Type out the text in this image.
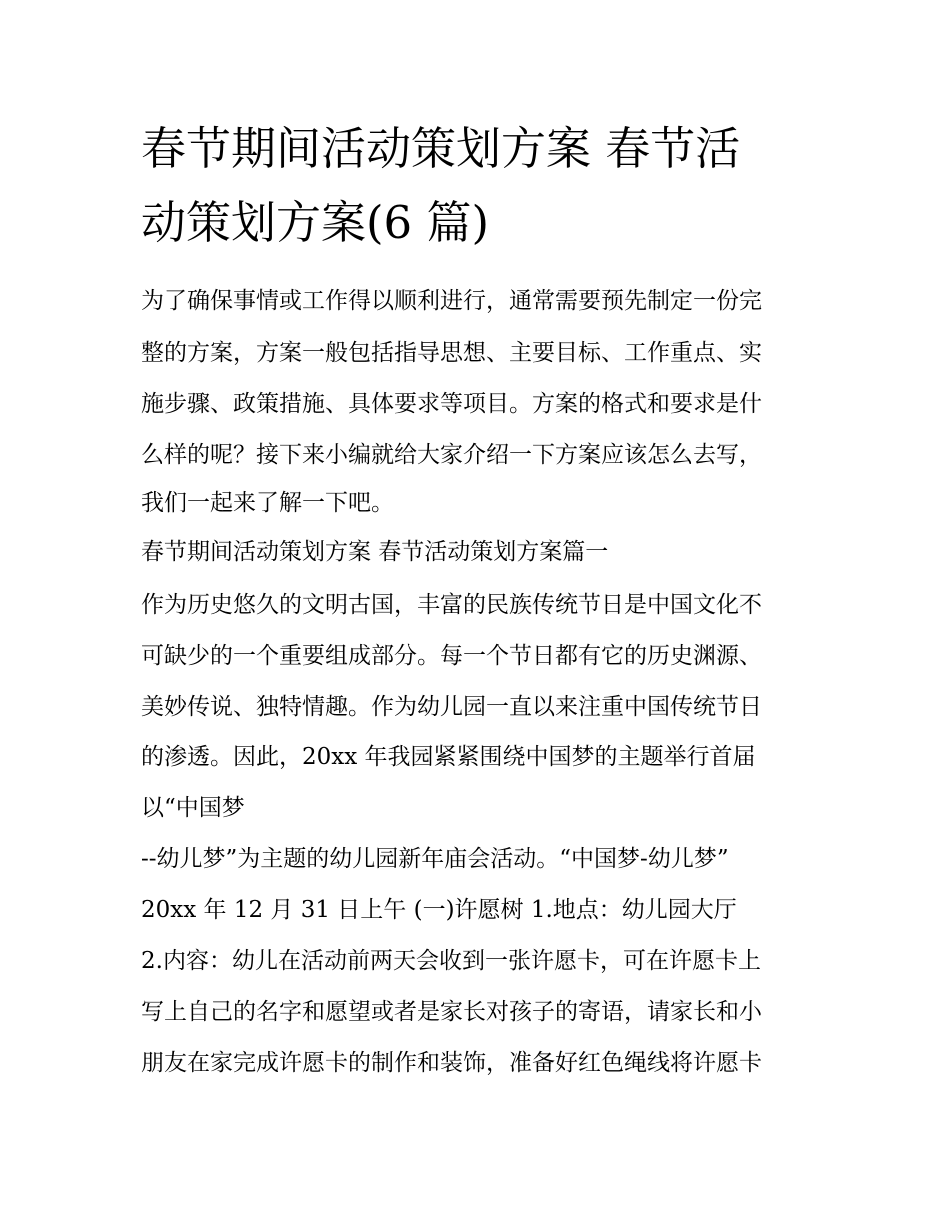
春节期间活动策划方案 春节活
动策划方案(6 篇)

为了确保事情或工作得以顺利进行，通常需要预先制定一份完

整的方案，方案一般包括指导思想、主要目标、工作重点、实

施步骤、政策措施、具体要求等项目。方案的格式和要求是什

么样的呢？接下来小编就给大家介绍一下方案应该怎么去写，

我们一起来了解一下吧。

春节期间活动策划方案 春节活动策划方案篇一

作为历史悠久的文明古国，丰富的民族传统节日是中国文化不

可缺少的一个重要组成部分。每一个节日都有它的历史渊源、

美妙传说、独特情趣。作为幼儿园一直以来注重中国传统节日

的渗透。因此，20xx 年我园紧紧围绕中国梦的主题举行首届

以“中国梦

--幼儿梦”为主题的幼儿园新年庙会活动。“中国梦-幼儿梦”

20xx 年 12 月 31 日上午 (一)许愿树 1.地点：幼儿园大厅

2.内容：幼儿在活动前两天会收到一张许愿卡，可在许愿卡上

写上自己的名字和愿望或者是家长对孩子的寄语，请家长和小

朋友在家完成许愿卡的制作和装饰，准备好红色绳线将许愿卡
